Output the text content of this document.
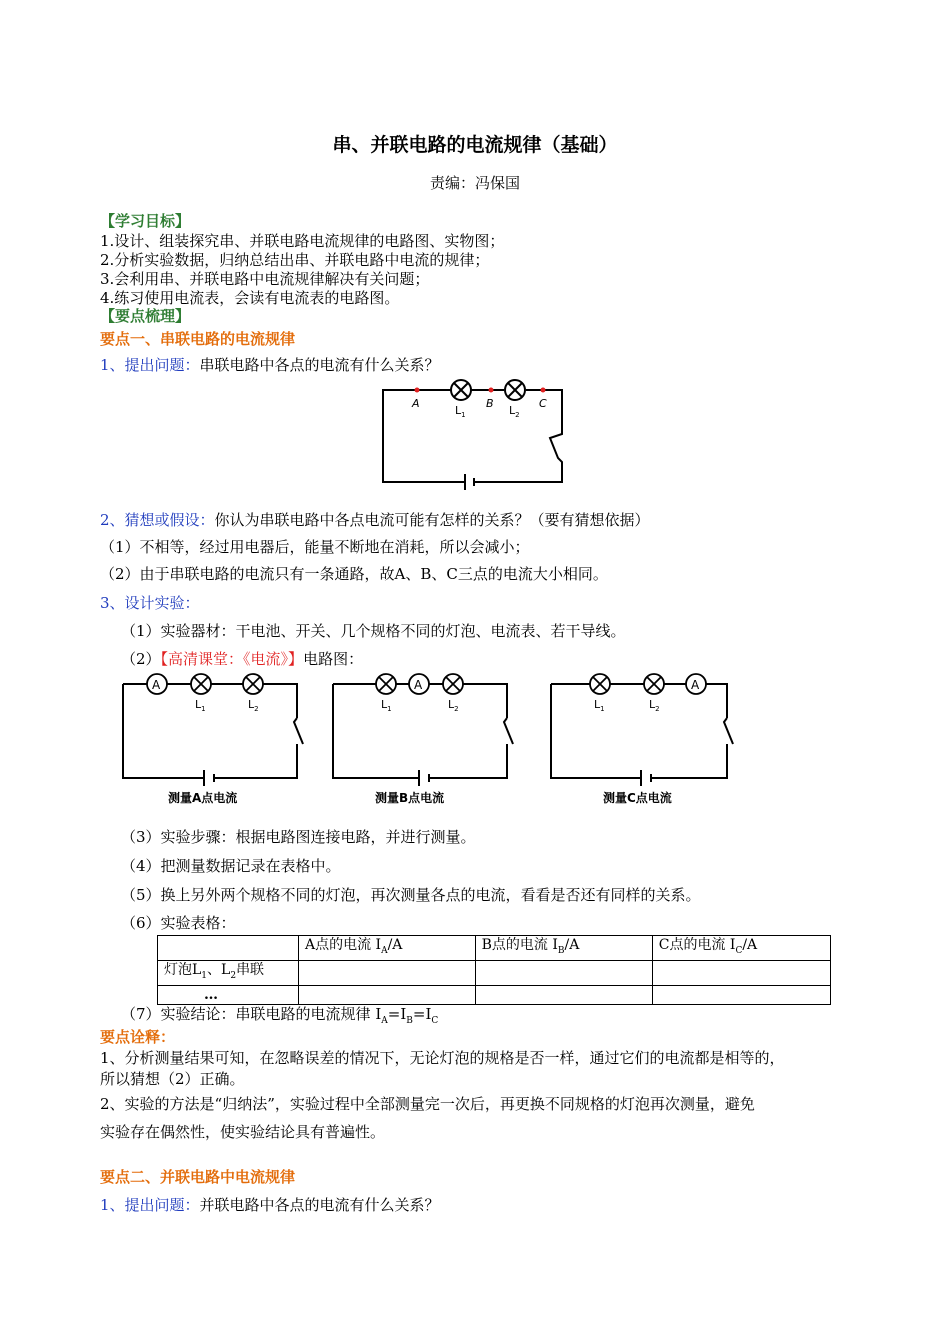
串、并联电路的电流规律（基础）
责编：冯保国
【学习目标】
1.设计、组装探究串、并联电路电流规律的电路图、实物图；
2.分析实验数据，归纳总结出串、并联电路中电流的规律；
3.会利用串、并联电路中电流规律解决有关问题；
4.练习使用电流表，会读有电流表的电路图。
【要点梳理】
要点一、串联电路的电流规律
1、提出问题：串联电路中各点的电流有什么关系？
A	B	C
$L_1$	$L_2$
2、猜想或假设：你认为串联电路中各点电流可能有怎样的关系？（要有猜想依据）
（1）不相等，经过用电器后，能量不断地在消耗，所以会减小；
（2）由于串联电路的电流只有一条通路，故A、B、C三点的电流大小相同。
3、设计实验：
（1）实验器材：干电池、开关、几个规格不同的灯泡、电流表、若干导线。
（2）【高清课堂：《电流》】电路图：
A
$L_1$	$L_2$
测量A点电流
A
$L_1$	$L_2$
测量B点电流
A
$L_1$	$L_2$
测量C点电流
（3）实验步骤：根据电路图连接电路，并进行测量。
（4）把测量数据记录在表格中。
（5）换上另外两个规格不同的灯泡，再次测量各点的电流，看看是否还有同样的关系。
（6）实验表格：
	A点的电流 $I_A/A$	B点的电流 $I_B/A$	C点的电流 $I_C/A$
灯泡$L_1$、$L_2$串联			
…			
（7）实验结论：串联电路的电流规律 $I_A=I_B=I_C$
要点诠释：
1、分析测量结果可知，在忽略误差的情况下，无论灯泡的规格是否一样，通过它们的电流都是相等的，
所以猜想（2）正确。
2、实验的方法是“归纳法”，实验过程中全部测量完一次后，再更换不同规格的灯泡再次测量，避免
实验存在偶然性，使实验结论具有普遍性。
要点二、并联电路中电流规律
1、提出问题：并联电路中各点的电流有什么关系？
